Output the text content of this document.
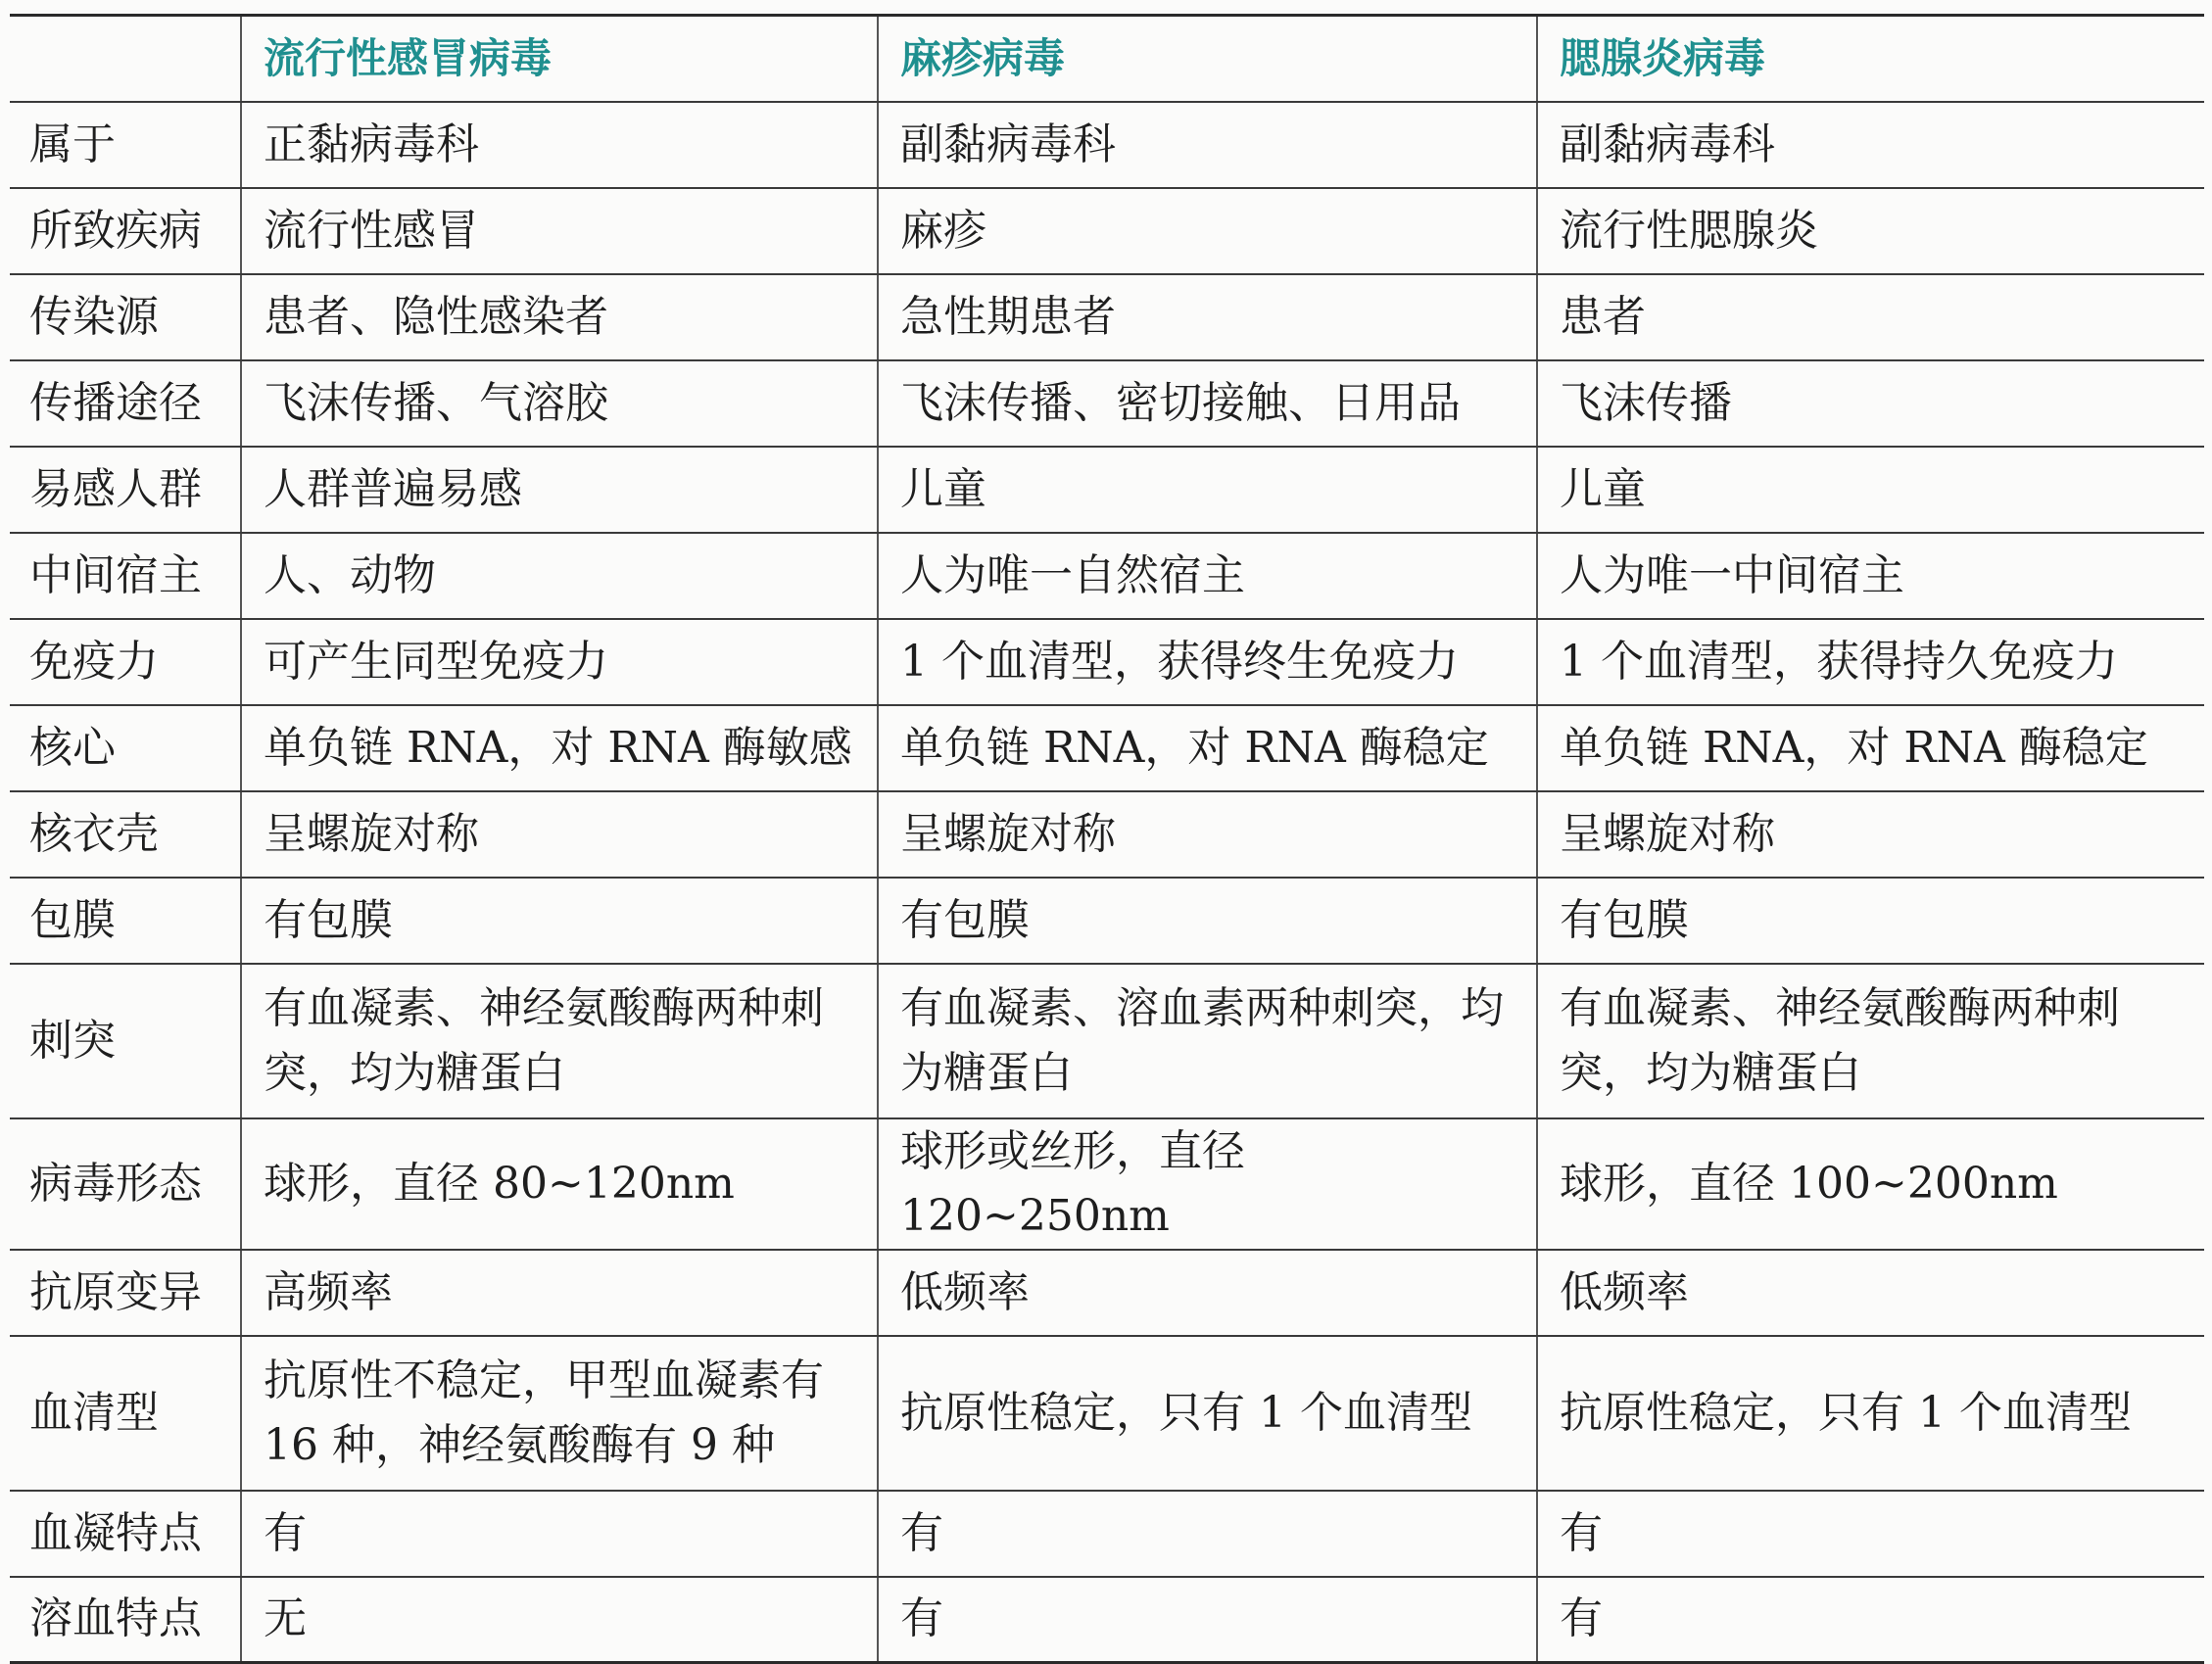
	流行性感冒病毒	麻疹病毒	腮腺炎病毒
属于	正黏病毒科	副黏病毒科	副黏病毒科
所致疾病	流行性感冒	麻疹	流行性腮腺炎
传染源	患者、隐性感染者	急性期患者	患者
传播途径	飞沫传播、气溶胶	飞沫传播、密切接触、日用品	飞沫传播
易感人群	人群普遍易感	儿童	儿童
中间宿主	人、动物	人为唯一自然宿主	人为唯一中间宿主
免疫力	可产生同型免疫力	1 个血清型，获得终生免疫力	1 个血清型，获得持久免疫力
核心	单负链 RNA，对 RNA 酶敏感	单负链 RNA，对 RNA 酶稳定	单负链 RNA，对 RNA 酶稳定
核衣壳	呈螺旋对称	呈螺旋对称	呈螺旋对称
包膜	有包膜	有包膜	有包膜
刺突	有血凝素、神经氨酸酶两种刺突，均为糖蛋白	有血凝素、溶血素两种刺突，均为糖蛋白	有血凝素、神经氨酸酶两种刺突，均为糖蛋白
病毒形态	球形，直径 80~120nm	球形或丝形，直径 120~250nm	球形，直径 100~200nm
抗原变异	高频率	低频率	低频率
血清型	抗原性不稳定，甲型血凝素有 16 种，神经氨酸酶有 9 种	抗原性稳定，只有 1 个血清型	抗原性稳定，只有 1 个血清型
血凝特点	有	有	有
溶血特点	无	有	有
